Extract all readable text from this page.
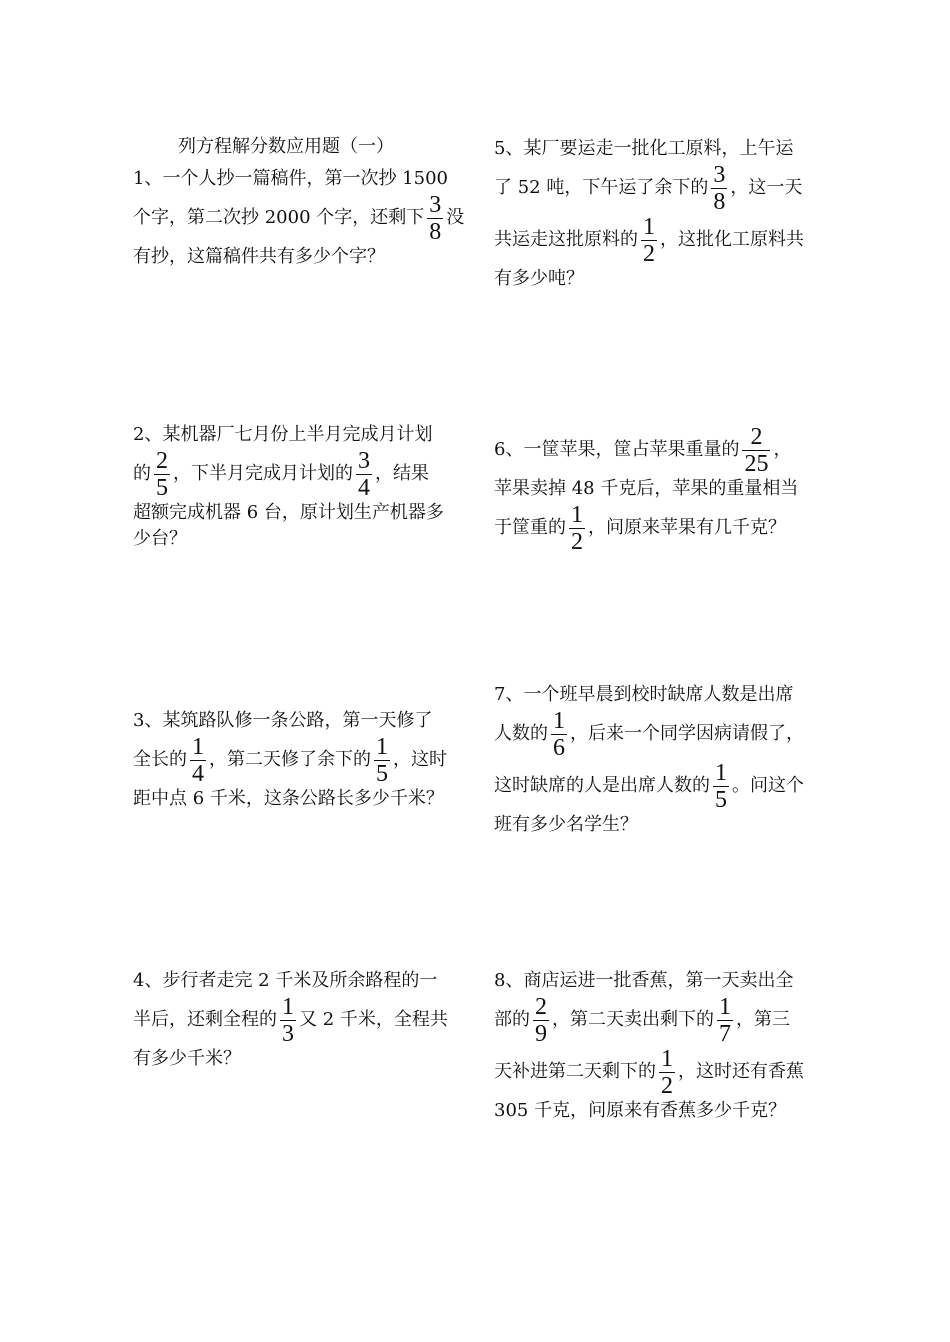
列方程解分数应用题（一）
1、一个人抄一篇稿件，第一次抄 1500
个字，第二次抄 2000 个字，还剩下 $\frac{3}{8}$ 没
有抄，这篇稿件共有多少个字？
2、某机器厂七月份上半月完成月计划
的 $\frac{2}{5}$ ，下半月完成月计划的 $\frac{3}{4}$ ，结果
超额完成机器 6 台，原计划生产机器多
少台？
3、某筑路队修一条公路，第一天修了
全长的 $\frac{1}{4}$ ，第二天修了余下的 $\frac{1}{5}$ ，这时
距中点 6 千米，这条公路长多少千米？
4、步行者走完 2 千米及所余路程的一
半后，还剩全程的 $\frac{1}{3}$ 又 2 千米，全程共
有多少千米？
5、某厂要运走一批化工原料，上午运
了 52 吨，下午运了余下的 $\frac{3}{8}$ ，这一天
共运走这批原料的 $\frac{1}{2}$ ，这批化工原料共
有多少吨？
6、一筐苹果，筐占苹果重量的 $\frac{2}{25}$ ，
苹果卖掉 48 千克后，苹果的重量相当
于筐重的 $\frac{1}{2}$ ，问原来苹果有几千克？
7、一个班早晨到校时缺席人数是出席
人数的 $\frac{1}{6}$ ，后来一个同学因病请假了，
这时缺席的人是出席人数的 $\frac{1}{5}$ 。问这个
班有多少名学生？
8、商店运进一批香蕉，第一天卖出全
部的 $\frac{2}{9}$ ，第二天卖出剩下的 $\frac{1}{7}$ ，第三
天补进第二天剩下的 $\frac{1}{2}$ ，这时还有香蕉
305 千克，问原来有香蕉多少千克？
